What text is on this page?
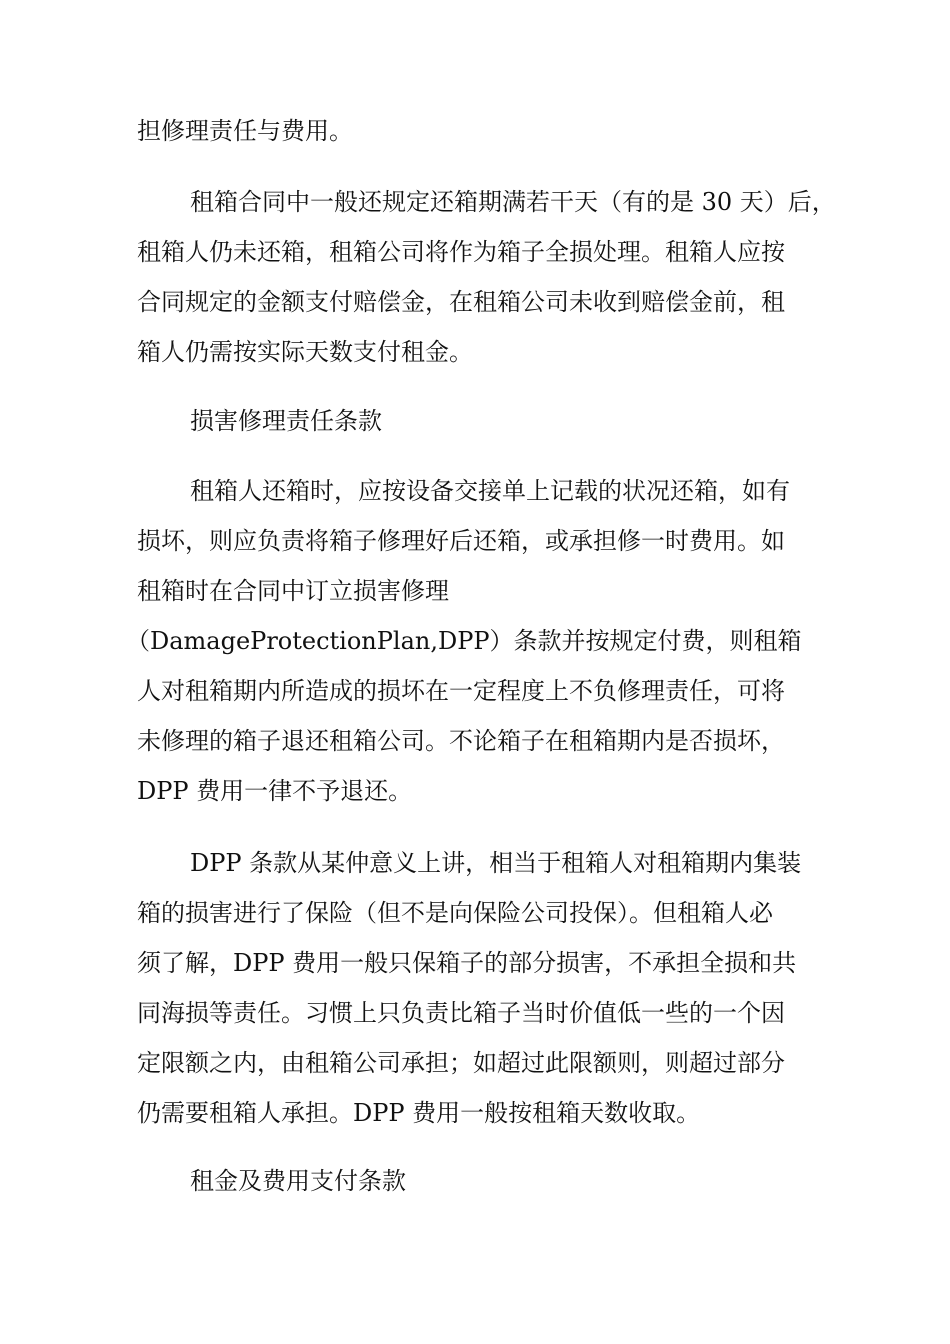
担修理责任与费用。
租箱合同中一般还规定还箱期满若干天（有的是 30 天）后，
租箱人仍未还箱，租箱公司将作为箱子全损处理。租箱人应按
合同规定的金额支付赔偿金，在租箱公司未收到赔偿金前，租
箱人仍需按实际天数支付租金。
损害修理责任条款
租箱人还箱时，应按设备交接单上记载的状况还箱，如有
损坏，则应负责将箱子修理好后还箱，或承担修一时费用。如
租箱时在合同中订立损害修理
（DamageProtectionPlan,DPP）条款并按规定付费，则租箱
人对租箱期内所造成的损坏在一定程度上不负修理责任，可将
未修理的箱子退还租箱公司。不论箱子在租箱期内是否损坏，
DPP 费用一律不予退还。
DPP 条款从某仲意义上讲，相当于租箱人对租箱期内集装
箱的损害进行了保险（但不是向保险公司投保）。但租箱人必
须了解，DPP 费用一般只保箱子的部分损害，不承担全损和共
同海损等责任。习惯上只负责比箱子当时价值低一些的一个因
定限额之内，由租箱公司承担；如超过此限额则，则超过部分
仍需要租箱人承担。DPP 费用一般按租箱天数收取。
租金及费用支付条款
